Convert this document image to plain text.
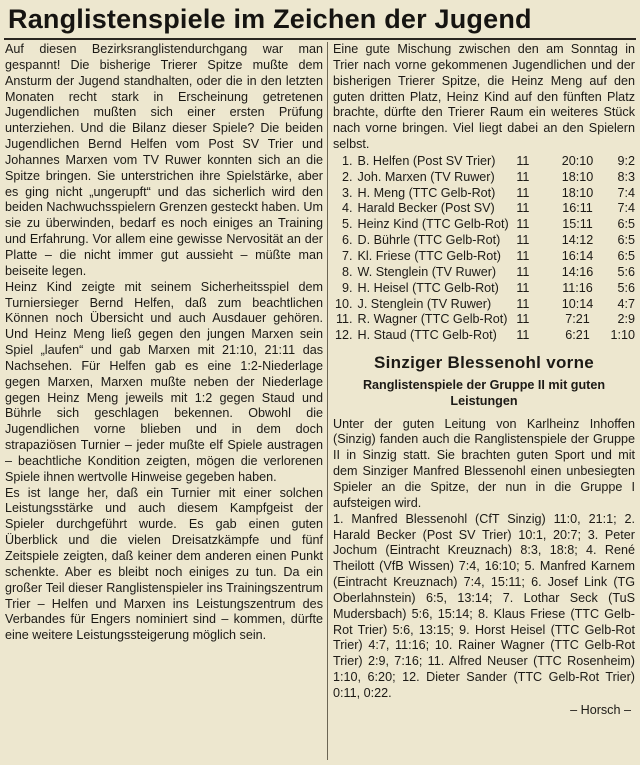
Ranglistenspiele im Zeichen der Jugend

Auf diesen Bezirksranglistendurchgang war man gespannt! Die bisherige Trierer Spitze mußte dem Ansturm der Jugend standhalten, oder die in den letzten Monaten recht stark in Erscheinung getretenen Jugendlichen mußten sich einer ersten Prüfung unterziehen. Und die Bilanz dieser Spiele? Die beiden Jugendlichen Bernd Helfen vom Post SV Trier und Johannes Marxen vom TV Ruwer konnten sich an die Spitze bringen. Sie unterstrichen ihre Spielstärke, aber es ging nicht „ungerupft“ und das sicherlich wird den beiden Nachwuchsspielern Grenzen gesteckt haben. Um sie zu überwinden, bedarf es noch einiges an Training und Erfahrung. Vor allem eine gewisse Nervosität an der Platte – die nicht immer gut aussieht – müßte man beiseite legen.

Heinz Kind zeigte mit seinem Sicherheitsspiel dem Turniersieger Bernd Helfen, daß zum beachtlichen Können noch Übersicht und auch Ausdauer gehören. Und Heinz Meng ließ gegen den jungen Marxen sein Spiel „laufen“ und gab Marxen mit 21:10, 21:11 das Nachsehen. Für Helfen gab es eine 1:2-Niederlage gegen Marxen, Marxen mußte neben der Niederlage gegen Heinz Meng jeweils mit 1:2 gegen Staud und Bührle sich geschlagen bekennen. Obwohl die Jugendlichen vorne blieben und in dem doch strapaziösen Turnier – jeder mußte elf Spiele austragen – beachtliche Kondition zeigten, mögen die verlorenen Spiele ihnen wertvolle Hinweise gegeben haben.

Es ist lange her, daß ein Turnier mit einer solchen Leistungsstärke und auch diesem Kampfgeist der Spieler durchgeführt wurde. Es gab einen guten Überblick und die vielen Dreisatzkämpfe und fünf Zeitspiele zeigten, daß keiner dem anderen einen Punkt schenkte. Aber es bleibt noch einiges zu tun. Da ein großer Teil dieser Ranglistenspieler ins Trainingszentrum Trier – Helfen und Marxen ins Leistungszentrum des Verbandes für Engers nominiert sind – kommen, dürfte eine weitere Leistungssteigerung möglich sein.

Eine gute Mischung zwischen den am Sonntag in Trier nach vorne gekommenen Jugendlichen und der bisherigen Trierer Spitze, die Heinz Meng auf den guten dritten Platz, Heinz Kind auf den fünften Platz brachte, dürfte den Trierer Raum ein weiteres Stück nach vorne bringen. Viel liegt dabei an den Spielern selbst.

1.	B. Helfen (Post SV Trier)	11	20:10	9:2
2.	Joh. Marxen (TV Ruwer)	11	18:10	8:3
3.	H. Meng (TTC Gelb-Rot)	11	18:10	7:4
4.	Harald Becker (Post SV)	11	16:11	7:4
5.	Heinz Kind (TTC Gelb-Rot)	11	15:11	6:5
6.	D. Bührle (TTC Gelb-Rot)	11	14:12	6:5
7.	Kl. Friese (TTC Gelb-Rot)	11	16:14	6:5
8.	W. Stenglein (TV Ruwer)	11	14:16	5:6
9.	H. Heisel (TTC Gelb-Rot)	11	11:16	5:6
10.	J. Stenglein (TV Ruwer)	11	10:14	4:7
11.	R. Wagner (TTC Gelb-Rot)	11	7:21	2:9
12.	H. Staud (TTC Gelb-Rot)	11	6:21	1:10
Sinziger Blessenohl vorne
Ranglistenspiele der Gruppe II mit guten Leistungen

Unter der guten Leitung von Karlheinz Inhoffen (Sinzig) fanden auch die Ranglistenspiele der Gruppe II in Sinzig statt. Sie brachten guten Sport und mit dem Sinziger Manfred Blessenohl einen unbesiegten Spieler an die Spitze, der nun in die Gruppe I aufsteigen wird.

1. Manfred Blessenohl (CfT Sinzig) 11:0, 21:1; 2. Harald Becker (Post SV Trier) 10:1, 20:7; 3. Peter Jochum (Eintracht Kreuznach) 8:3, 18:8; 4. René Theilott (VfB Wissen) 7:4, 16:10; 5. Manfred Karnem (Eintracht Kreuznach) 7:4, 15:11; 6. Josef Link (TG Oberlahnstein) 6:5, 13:14; 7. Lothar Seck (TuS Mudersbach) 5:6, 15:14; 8. Klaus Friese (TTC Gelb-Rot Trier) 5:6, 13:15; 9. Horst Heisel (TTC Gelb-Rot Trier) 4:7, 11:16; 10. Rainer Wagner (TTC Gelb-Rot Trier) 2:9, 7:16; 11. Alfred Neuser (TTC Rosenheim) 1:10, 6:20; 12. Dieter Sander (TTC Gelb-Rot Trier) 0:11, 0:22.

– Horsch –
